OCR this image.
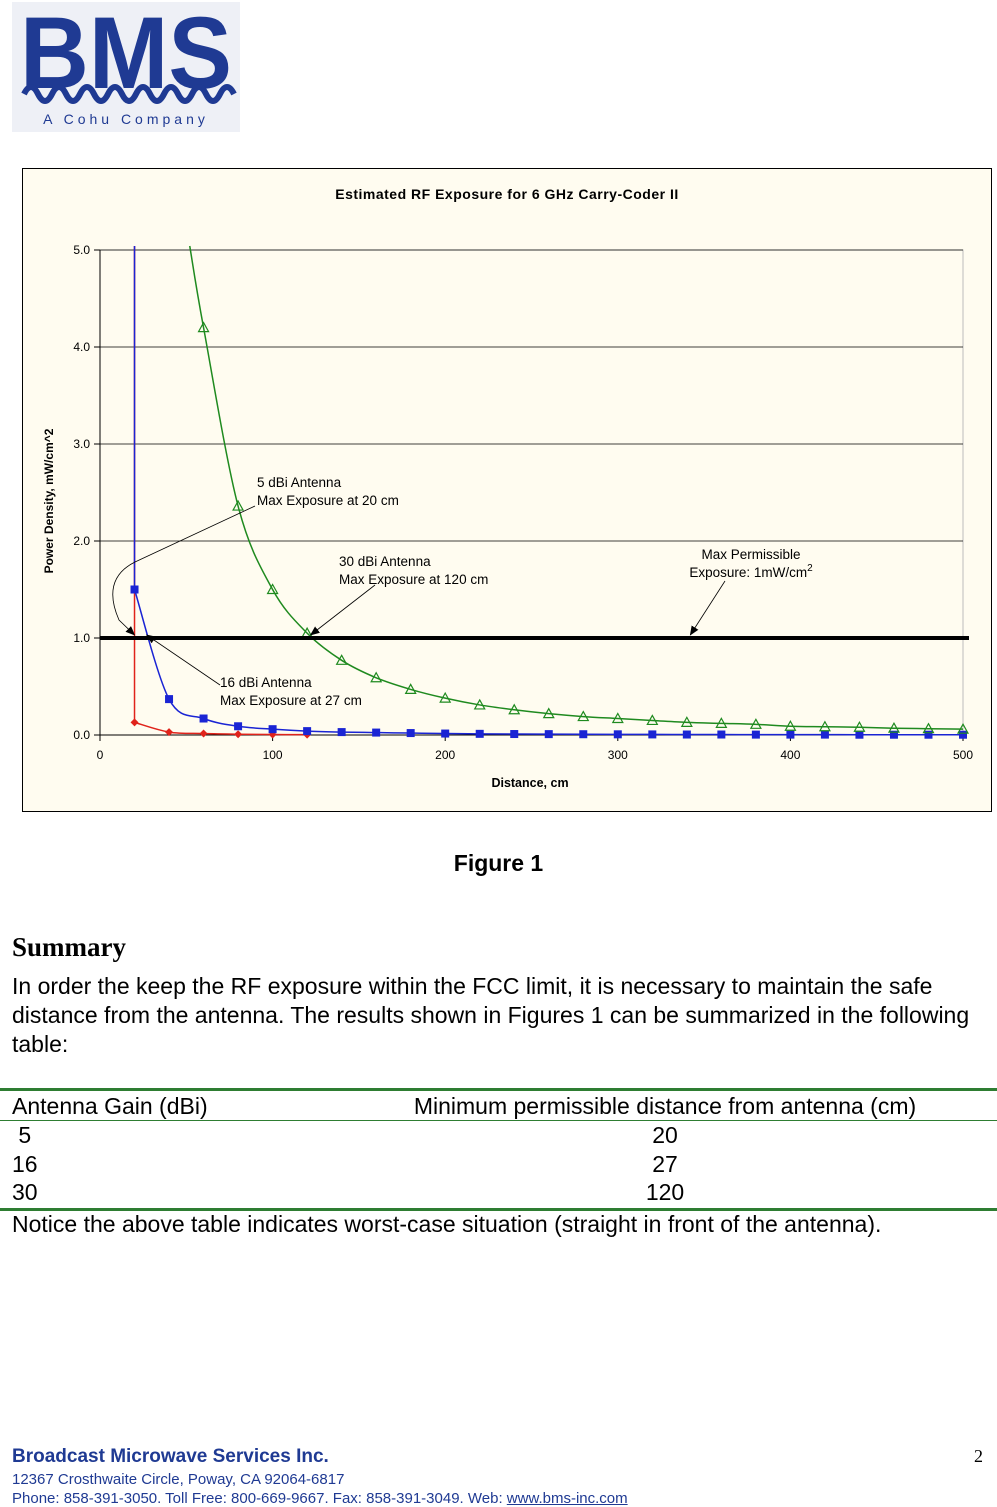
BMS
A Cohu Company
0.0
1.0
2.0
3.0
4.0
5.0
0	100	200	300	400	500
Estimated RF Exposure for 6 GHz Carry-Coder II
Distance, cm
Power Density, mW/cm^2	5 dBi Antenna Max Exposure at 20 cm
30 dBi Antenna Max Exposure at 120 cm
16 dBi Antenna Max Exposure at 27 cm
Max Permissible Exposure: $1mW/cm^2$
Figure 1
Summary

In order the keep the RF exposure within the FCC limit, it is necessary to maintain the safe distance from the antenna. The results shown in Figures 1 can be summarized in the following table:

Antenna Gain (dBi)	Minimum permissible distance from antenna (cm)
5	20
16	27
30	120

Notice the above table indicates worst-case situation (straight in front of the antenna).

Broadcast Microwave Services Inc.
12367 Crosthwaite Circle, Poway, CA 92064-6817
Phone: 858-391-3050. Toll Free: 800-669-9667. Fax: 858-391-3049. Web: www.bms-inc.com
2
